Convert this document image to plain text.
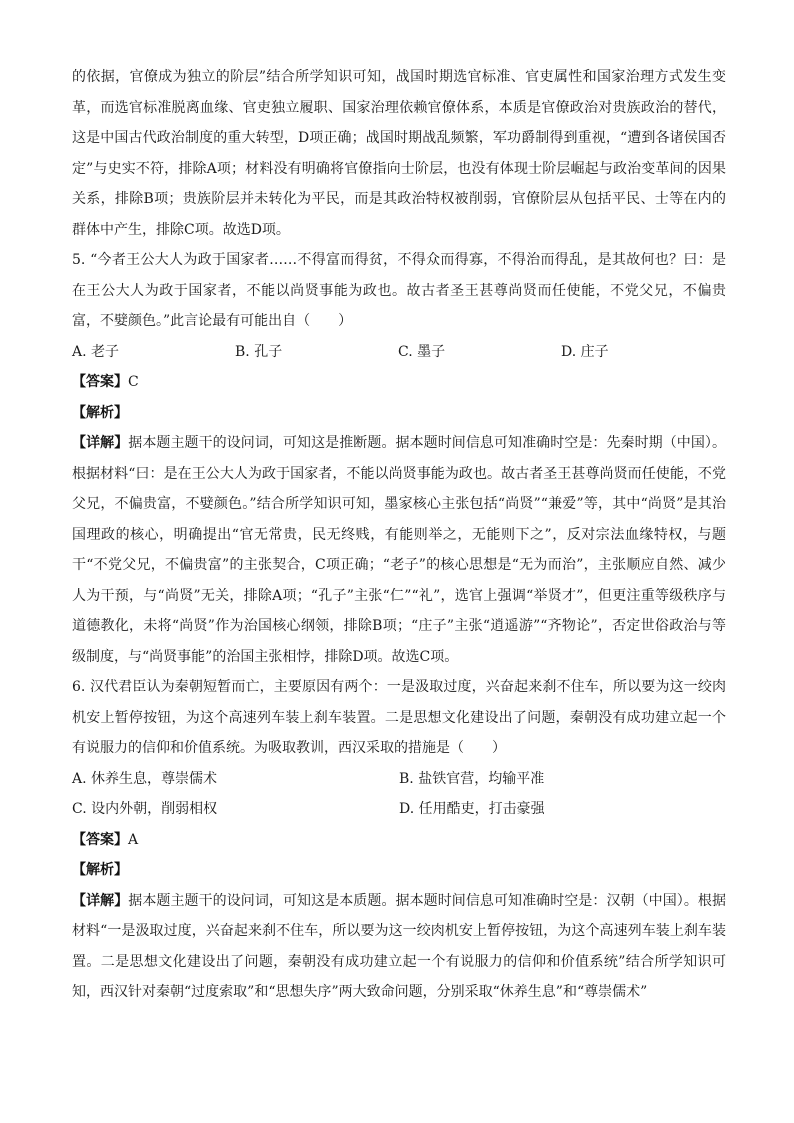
的依据，官僚成为独立的阶层”结合所学知识可知，战国时期选官标准、官吏属性和国家治理方式发生变革，而选官标准脱离血缘、官吏独立履职、国家治理依赖官僚体系，本质是官僚政治对贵族政治的替代，这是中国古代政治制度的重大转型，D项正确；战国时期战乱频繁，军功爵制得到重视，“遭到各诸侯国否定”与史实不符，排除A项；材料没有明确将官僚指向士阶层，也没有体现士阶层崛起与政治变革间的因果关系，排除B项；贵族阶层并未转化为平民，而是其政治特权被削弱，官僚阶层从包括平民、士等在内的群体中产生，排除C项。故选D项。

5. “今者王公大人为政于国家者……不得富而得贫，不得众而得寡，不得治而得乱，是其故何也？曰：是在王公大人为政于国家者，不能以尚贤事能为政也。故古者圣王甚尊尚贤而任使能，不党父兄，不偏贵富，不嬖颜色。”此言论最有可能出自（　　）

A. 老子	B. 孔子	C. 墨子	D. 庄子

【答案】C

【解析】

【详解】据本题主题干的设问词，可知这是推断题。据本题时间信息可知准确时空是：先秦时期（中国）。根据材料“曰：是在王公大人为政于国家者，不能以尚贤事能为政也。故古者圣王甚尊尚贤而任使能，不党父兄，不偏贵富，不嬖颜色。”结合所学知识可知，墨家核心主张包括“尚贤”“兼爱”等，其中“尚贤”是其治国理政的核心，明确提出“官无常贵，民无终贱，有能则举之，无能则下之”，反对宗法血缘特权，与题干“不党父兄，不偏贵富”的主张契合，C项正确；“老子”的核心思想是“无为而治”，主张顺应自然、减少人为干预，与“尚贤”无关，排除A项；“孔子”主张“仁”“礼”，选官上强调“举贤才”，但更注重等级秩序与道德教化，未将“尚贤”作为治国核心纲领，排除B项；“庄子”主张“逍遥游”“齐物论”，否定世俗政治与等级制度，与“尚贤事能”的治国主张相悖，排除D项。故选C项。

6. 汉代君臣认为秦朝短暂而亡，主要原因有两个：一是汲取过度，兴奋起来刹不住车，所以要为这一绞肉机安上暂停按钮，为这个高速列车装上刹车装置。二是思想文化建设出了问题，秦朝没有成功建立起一个有说服力的信仰和价值系统。为吸取教训，西汉采取的措施是（　　）

A. 休养生息，尊崇儒术	B. 盐铁官营，均输平准
C. 设内外朝，削弱相权	D. 任用酷吏，打击豪强

【答案】A

【解析】

【详解】据本题主题干的设问词，可知这是本质题。据本题时间信息可知准确时空是：汉朝（中国）。根据材料“一是汲取过度，兴奋起来刹不住车，所以要为这一绞肉机安上暂停按钮，为这个高速列车装上刹车装置。二是思想文化建设出了问题，秦朝没有成功建立起一个有说服力的信仰和价值系统”结合所学知识可知，西汉针对秦朝“过度索取”和“思想失序”两大致命问题，分别采取“休养生息”和“尊崇儒术”
